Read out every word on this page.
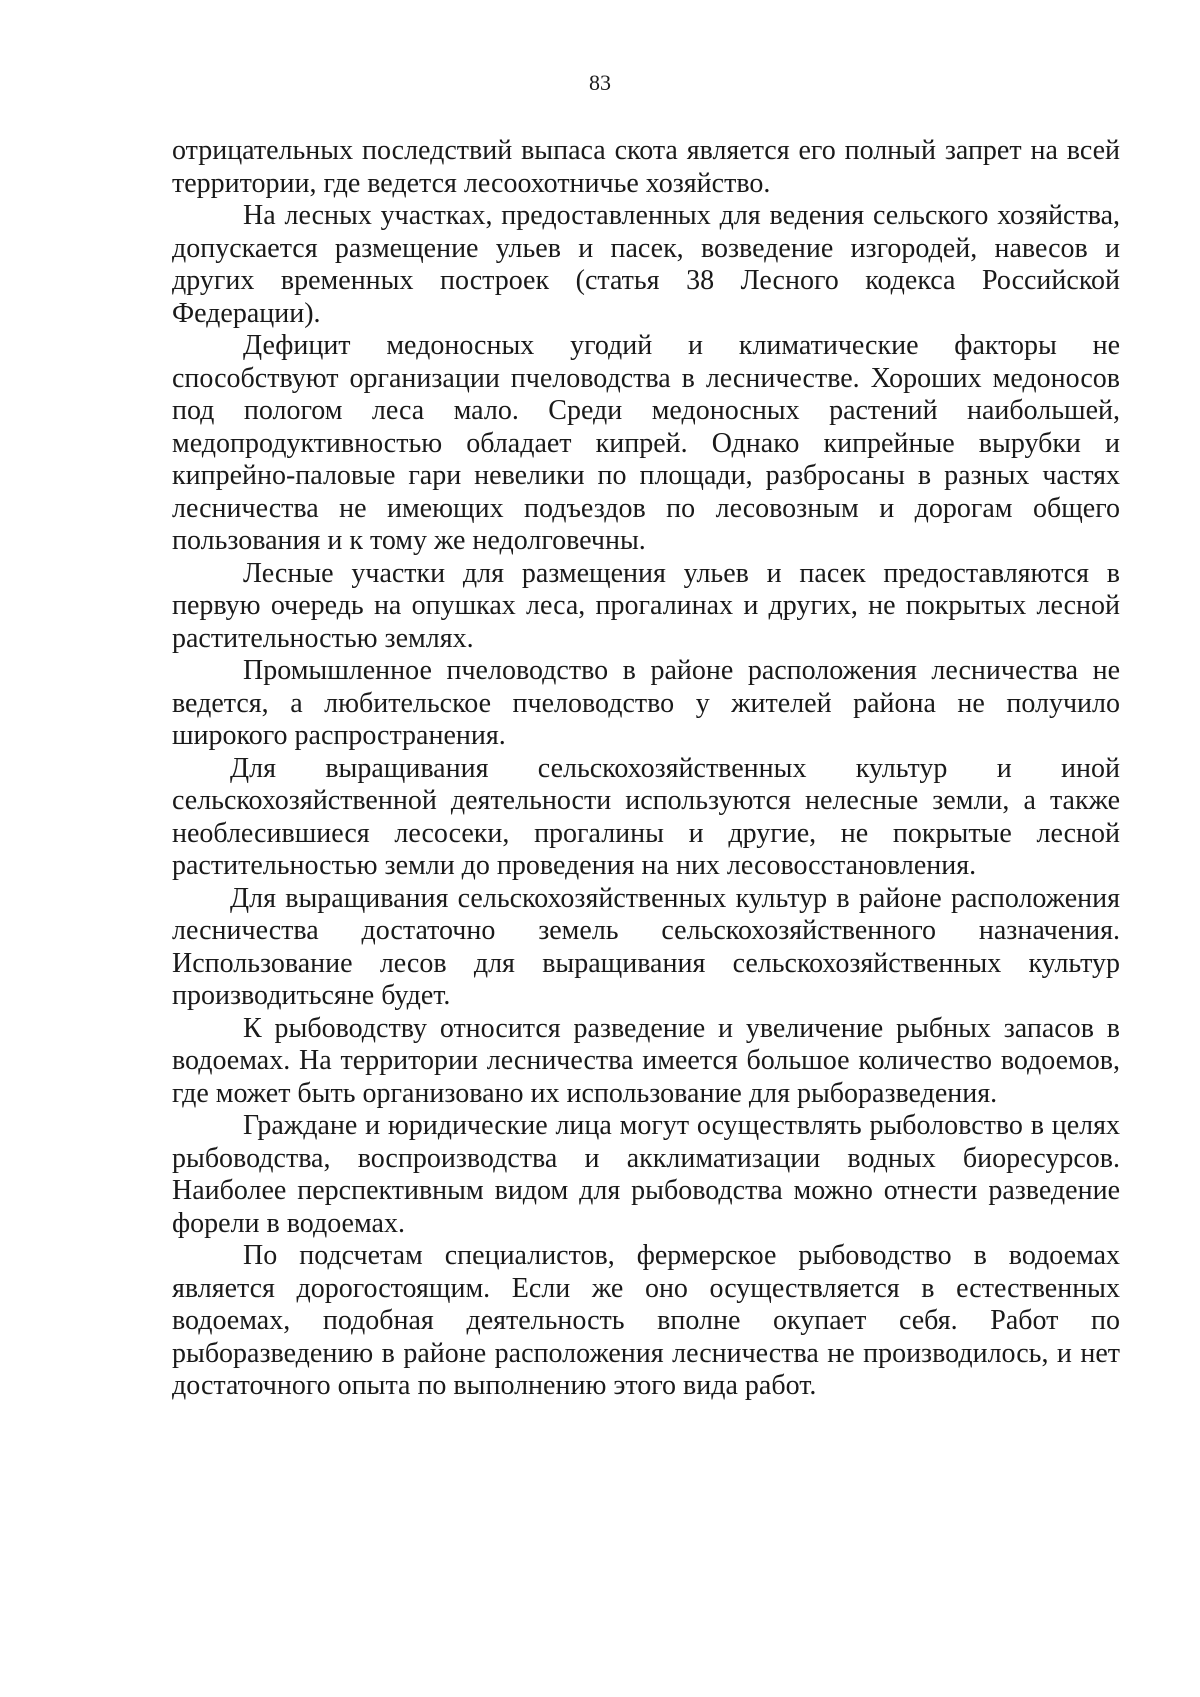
83

отрицательных последствий выпаса скота является его полный запрет на всей территории, где ведется лесоохотничье хозяйство.

На лесных участках, предоставленных для ведения сельского хозяйства, допускается размещение ульев и пасек, возведение изгородей, навесов и других временных построек (статья 38 Лесного кодекса Российской Федерации).

Дефицит медоносных угодий и климатические факторы не способствуют организации пчеловодства в лесничестве. Хороших медоносов под пологом леса мало. Среди медоносных растений наибольшей, медопродуктивностью обладает кипрей. Однако кипрейные вырубки и кипрейно-паловые гари невелики по площади, разбросаны в разных частях лесничества не имеющих подъездов по лесовозным и дорогам общего пользования и к тому же недолговечны.

Лесные участки для размещения ульев и пасек предоставляются в первую очередь на опушках леса, прогалинах и других, не покрытых лесной растительностью землях.

Промышленное пчеловодство в районе расположения лесничества не ведется, а любительское пчеловодство у жителей района не получило широкого распространения.

Для выращивания сельскохозяйственных культур и иной сельскохозяйственной деятельности используются нелесные земли, а также необлесившиеся лесосеки, прогалины и другие, не покрытые лесной растительностью земли до проведения на них лесовосстановления.

Для выращивания сельскохозяйственных культур в районе расположения лесничества достаточно земель сельскохозяйственного назначения. Использование лесов для выращивания сельскохозяйственных культур производитьсяне будет.

К рыбоводству относится разведение и увеличение рыбных запасов в водоемах. На территории лесничества имеется большое количество водоемов, где может быть организовано их использование для рыборазведения.

Граждане и юридические лица могут осуществлять рыболовство в целях рыбоводства, воспроизводства и акклиматизации водных биоресурсов. Наиболее перспективным видом для рыбоводства можно отнести разведение форели в водоемах.

По подсчетам специалистов, фермерское рыбоводство в водоемах является дорогостоящим. Если же оно осуществляется в естественных водоемах, подобная деятельность вполне окупает себя. Работ по рыборазведению в районе расположения лесничества не производилось, и нет достаточного опыта по выполнению этого вида работ.
